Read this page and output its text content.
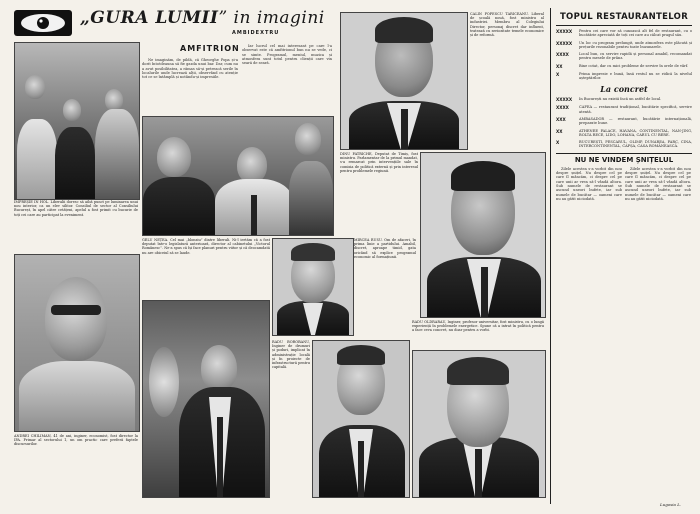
„GURA LUMII” in imagini
AMBIDEXTRU
AMFITRION
Ne imaginăm, de pildă, că Gheorghe Popa și-a dorit întotdeauna să fie gazda unui bar. Dar, cum nu a avut posibilitatea, a rămas să-și petreacă serile în localurile unde lucrează alții, observând cu atenție tot ce se întâmplă și notându-și impresiile.
Iar lucrul cel mai interesant pe care l-a observat este că amfitrionul bun nu se vede, ci se simte. Programul, meniul, muzica și atmosfera sunt totul pentru clienții care vin seară de seară.
IMPREȘIE IN HOL. Liberalii doresc să aibă punct pe luminarea unui nou interior, ca un elev silitor. Consiliul de sector al Consiliului Bucureșt, în apel către cetățeni, apelul a fost primit cu bucurie de toți cei care au participat la eveniment.
CĂLIN POPESCU TĂRICEANU. Liberal de școală nouă, fost ministru al industriei. Membru al Colegiului Director, personaj discret dar influent, tratează cu seriozitate temele economice și de reformă.
DINU PATRICHE, Deputat de Timiș, fost ministru. Parlamentar de la primul mandat, s-a remarcat prin intervențiile sale în comisia de politică externă și prin interesul pentru problemele regiunii.
GELU NEȚEA. Cel mai „blonziu” dintre liberali. Ni-l iertăm că a fost deputat într-o legislatură anterioară, director al cabinetului „Victorul Românesc”. Ne-a spus că își face planuri pentru viitor și că deocamdată nu are obiceiul să se laude.
MIRCEA RUSU. Om de afaceri, în prima linie a partidului. Amabil, discret, aproape timid, gata oricând să explice programul economic al formațiunii.
ANDREI CHILIMAN, 41 de ani, inginer, economist, fost director la IPA. Primar al sectorului 1, un om practic care preferă faptele discursurilor.
RADU BOROBANU, Inginer de drumuri și poduri, implicat în administrație locală și în proiecte de infrastructură pentru capitală.
RADU OLDRARAU, Inginer, profesor universitar, fost ministru, cu o lungă experiență în problemele energetice. Spune că a intrat în politică pentru a face ceva concret, nu doar pentru a vorbi.
TOPUL RESTAURANTELOR
XXXXX	Pentru cei care vor să cunoască alt fel de restaurant, cu o bucătărie apreciată de toți cei care au călcat pragul său.
XXXXX	Un loc cu program prelungit, unde atmosfera este plăcută și prețurile rezonabile pentru toate buzunarele.
XXXX	Local bun, cu servire rapidă și personal amabil, recomandat pentru mesele de prânz.
XX	Bine cotat, dar cu mici probleme de servire în orele de vârf.
X	Prima impresie e bună, însă restul nu se ridică la nivelul așteptărilor.
La concret
XXXXX	În București nu există încă un astfel de local.
XXXX	CAFEA — restaurant tradițional, bucătărie specifică, servire atentă.
XXX	AMBASADOR — restaurant, bucătărie internațională, preparate bune.
XX	ATHENEE PALACE, HAVANA, CONTINENTAL, NAN-JING, BOLTA RECE, LIDO, LOHANA, CARUL CU BERE.
X	BUCUREȘTI, PESCARUL, OLIMP, DUNAREA, PARC, CINA, INTERCONTINENTAL, CAPȘA, CASA ROMÂNEASCĂ.
NU NE VINDEM ȘNIȚELUL
Zilele acestea s-a vorbit din nou despre șnițel. Nu despre cel pe care îl mâncăm, ci despre cel pe care unii ar vrea să-l vândă altora. Sub numele de restaurant se ascund uneori bufete, iar sub numele de bucătar — oameni care nu au gătit niciodată.
Zilele acestea s-a vorbit din nou despre șnițel. Nu despre cel pe care îl mâncăm, ci despre cel pe care unii ar vrea să-l vândă altora. Sub numele de restaurant se ascund uneori bufete, iar sub numele de bucătar — oameni care nu au gătit niciodată.
Lugosia L.
